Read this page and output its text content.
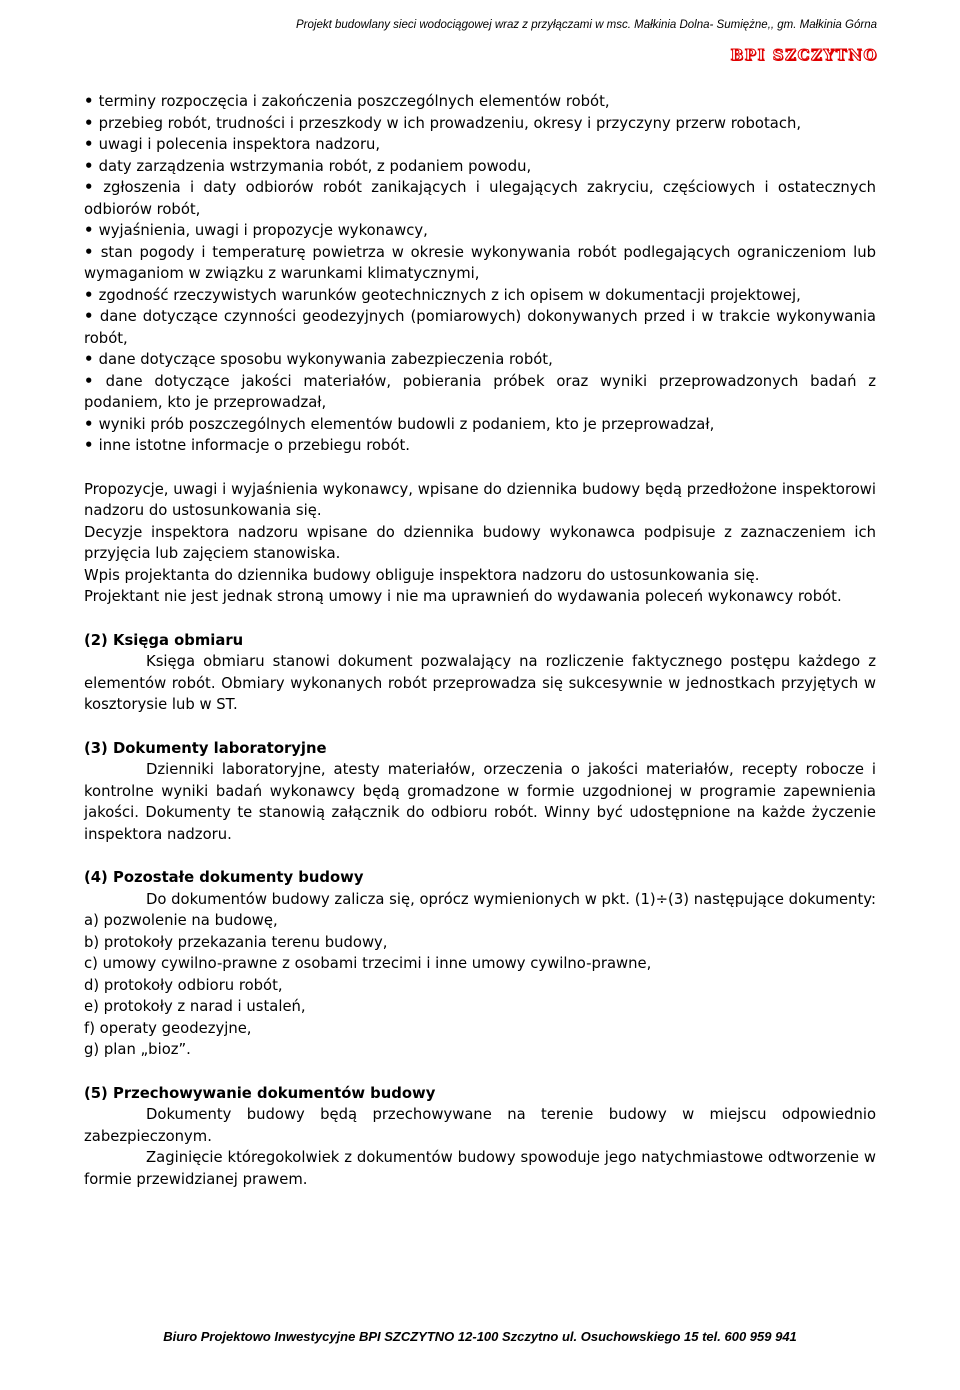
Projekt budowlany sieci wodociągowej wraz z przyłączami w msc. Małkinia Dolna- Sumiężne,, gm. Małkinia Górna
BPI SZCZYTNO

• terminy rozpoczęcia i zakończenia poszczególnych elementów robót,

• przebieg robót, trudności i przeszkody w ich prowadzeniu, okresy i przyczyny przerw robotach,

• uwagi i polecenia inspektora nadzoru,

• daty zarządzenia wstrzymania robót, z podaniem powodu,

• zgłoszenia i daty odbiorów robót zanikających i ulegających zakryciu, częściowych i ostatecznych odbiorów robót,

• wyjaśnienia, uwagi i propozycje wykonawcy,

• stan pogody i temperaturę powietrza w okresie wykonywania robót podlegających ograniczeniom lub wymaganiom w związku z warunkami klimatycznymi,

• zgodność rzeczywistych warunków geotechnicznych z ich opisem w dokumentacji projektowej,

• dane dotyczące czynności geodezyjnych (pomiarowych) dokonywanych przed i w trakcie wykonywania robót,

• dane dotyczące sposobu wykonywania zabezpieczenia robót,

• dane dotyczące jakości materiałów, pobierania próbek oraz wyniki przeprowadzonych badań z podaniem, kto je przeprowadzał,

• wyniki prób poszczególnych elementów budowli z podaniem, kto je przeprowadzał,

• inne istotne informacje o przebiegu robót.

Propozycje, uwagi i wyjaśnienia wykonawcy, wpisane do dziennika budowy będą przedłożone inspektorowi nadzoru do ustosunkowania się.

Decyzje inspektora nadzoru wpisane do dziennika budowy wykonawca podpisuje z zaznaczeniem ich przyjęcia lub zajęciem stanowiska.

Wpis projektanta do dziennika budowy obliguje inspektora nadzoru do ustosunkowania się.

Projektant nie jest jednak stroną umowy i nie ma uprawnień do wydawania poleceń wykonawcy robót.

(2) Księga obmiaru

Księga obmiaru stanowi dokument pozwalający na rozliczenie faktycznego postępu każdego z elementów robót. Obmiary wykonanych robót przeprowadza się sukcesywnie w jednostkach przyjętych w kosztorysie lub w ST.

(3) Dokumenty laboratoryjne

Dzienniki laboratoryjne, atesty materiałów, orzeczenia o jakości materiałów, recepty robocze i kontrolne wyniki badań wykonawcy będą gromadzone w formie uzgodnionej w programie zapewnienia jakości. Dokumenty te stanowią załącznik do odbioru robót. Winny być udostępnione na każde życzenie inspektora nadzoru.

(4) Pozostałe dokumenty budowy

Do dokumentów budowy zalicza się, oprócz wymienionych w pkt. (1)÷(3) następujące dokumenty:

a) pozwolenie na budowę,

b) protokoły przekazania terenu budowy,

c) umowy cywilno-prawne z osobami trzecimi i inne umowy cywilno-prawne,

d) protokoły odbioru robót,

e) protokoły z narad i ustaleń,

f) operaty geodezyjne,

g) plan „bioz”.

(5) Przechowywanie dokumentów budowy

Dokumenty budowy będą przechowywane na terenie budowy w miejscu odpowiednio zabezpieczonym.

Zaginięcie któregokolwiek z dokumentów budowy spowoduje jego natychmiastowe odtworzenie w formie przewidzianej prawem.

Biuro Projektowo Inwestycyjne BPI SZCZYTNO 12-100 Szczytno ul. Osuchowskiego 15 tel. 600 959 941
